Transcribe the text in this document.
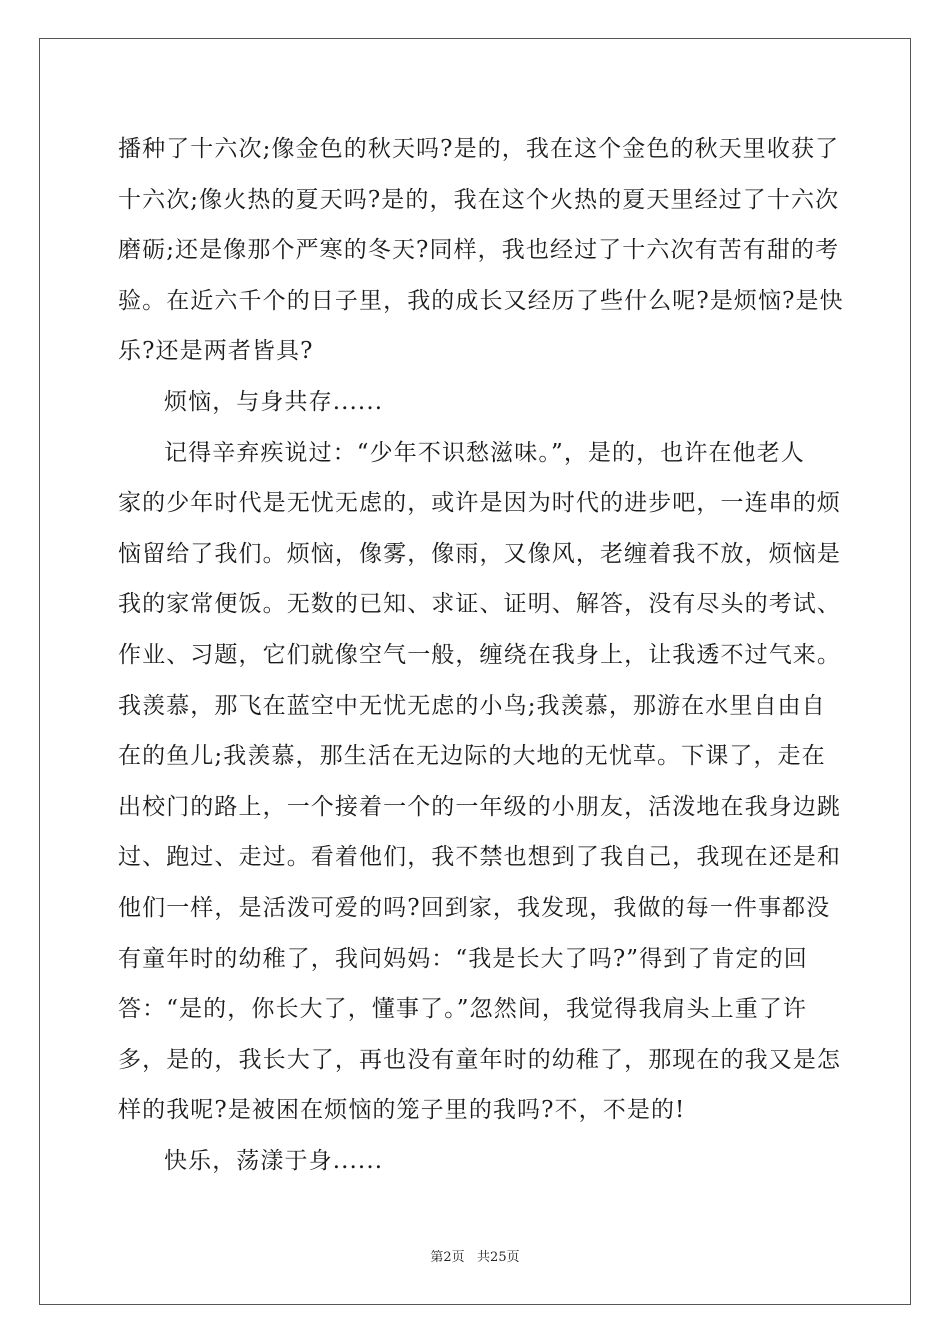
播种了十六次;像金色的秋天吗?是的，我在这个金色的秋天里收获了
十六次;像火热的夏天吗?是的，我在这个火热的夏天里经过了十六次
磨砺;还是像那个严寒的冬天?同样，我也经过了十六次有苦有甜的考
验。在近六千个的日子里，我的成长又经历了些什么呢?是烦恼?是快
乐?还是两者皆具?
烦恼，与身共存......
记得辛弃疾说过：“少年不识愁滋味。”，是的，也许在他老人
家的少年时代是无忧无虑的，或许是因为时代的进步吧，一连串的烦
恼留给了我们。烦恼，像雾，像雨，又像风，老缠着我不放，烦恼是
我的家常便饭。无数的已知、求证、证明、解答，没有尽头的考试、
作业、习题，它们就像空气一般，缠绕在我身上，让我透不过气来。
我羡慕，那飞在蓝空中无忧无虑的小鸟;我羡慕，那游在水里自由自
在的鱼儿;我羡慕，那生活在无边际的大地的无忧草。下课了，走在
出校门的路上，一个接着一个的一年级的小朋友，活泼地在我身边跳
过、跑过、走过。看着他们，我不禁也想到了我自己，我现在还是和
他们一样，是活泼可爱的吗?回到家，我发现，我做的每一件事都没
有童年时的幼稚了，我问妈妈：“我是长大了吗?”得到了肯定的回
答：“是的，你长大了，懂事了。”忽然间，我觉得我肩头上重了许
多，是的，我长大了，再也没有童年时的幼稚了，那现在的我又是怎
样的我呢?是被困在烦恼的笼子里的我吗?不，不是的!
快乐，荡漾于身......
第2页   共25页
